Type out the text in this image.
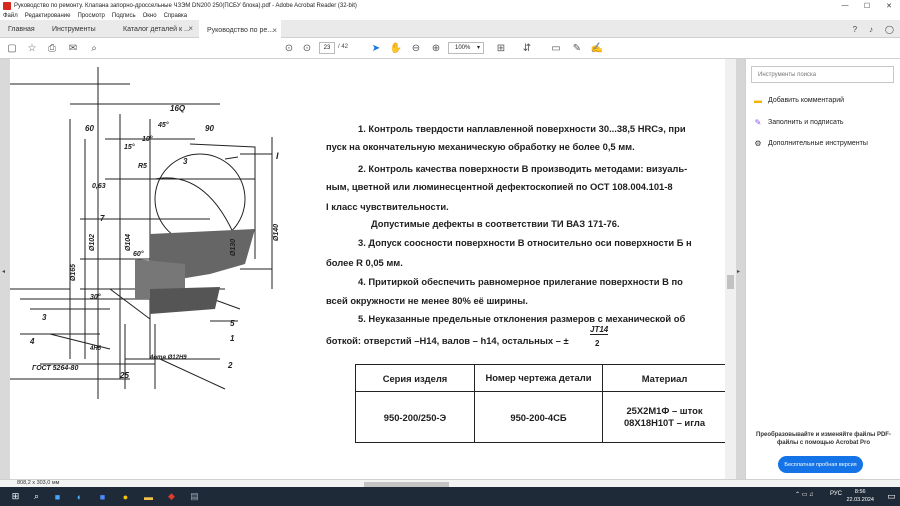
Руководство по ремонту. Клапана запорно-дроссельные ЧЗЭМ DN200 250(ПСБУ блока).pdf - Adobe Acrobat Reader (32-bit)	—	☐	✕
Файл Редактирование Просмотр Подпись Окно Справка
Главная Инструменты	Каталог деталей к ...
× Руководство по ре... ×	? ♪ ◯
▢ ☆	⎙	✉	⌕	⊙ ⊙	23	/ 42 ➤ ✋ ⊖ ⊕	100% ▾ ⊞ ⇵ ▭ ✎ ✍
16Q
60	90
45°
10°
15°
3
I
R5
0,63
7
Ø102	Ø104
Ø165
Ø140
Ø130
60°
30°
4
3
5
1
2
ГОСТ 5264-80
25
4отв Ø12Н9
4Н5
1. Контроль твердости наплавленной поверхности 30...38,5 HRCэ, при
пуск на окончательную механическую обработку не более 0,5 мм.
2. Контроль качества поверхности В производить методами: визуаль-
ным, цветной или люминесцентной дефектоскопией по ОСТ 108.004.101-8
I класс чувствительности.
Допустимые дефекты в соответствии ТИ ВАЗ 171-76.
3. Допуск соосности поверхности В относительно оси поверхности Б н
более R 0,05 мм.
4. Притиркой обеспечить равномерное прилегание поверхности В по
всей окружности не менее 80% её ширины.
5. Неуказанные предельные отклонения размеров с механической об
боткой: отверстий –H14, валов – h14, остальных – ±
JT14
2
Серия изделя	Номер чертежа детали	Материал
950-200/250-Э	950-200-4СБ	25Х2М1Ф – шток
08Х18Н10Т – игла
◂	▸
Инструменты поиска
▬ Добавить комментарий
✎ Заполнить и подписать
⚙ Дополнительные инструменты
Преобразовывайте и изменяйте файлы PDF-файлы с помощью Acrobat Pro
Бесплатная пробная версия
808,2 x 303,0 мм
⊞	⌕	■	◐	■	●	▬	◆	▤	⌃ ▭ ♫	РУС	8:56
22.03.2024	▭
